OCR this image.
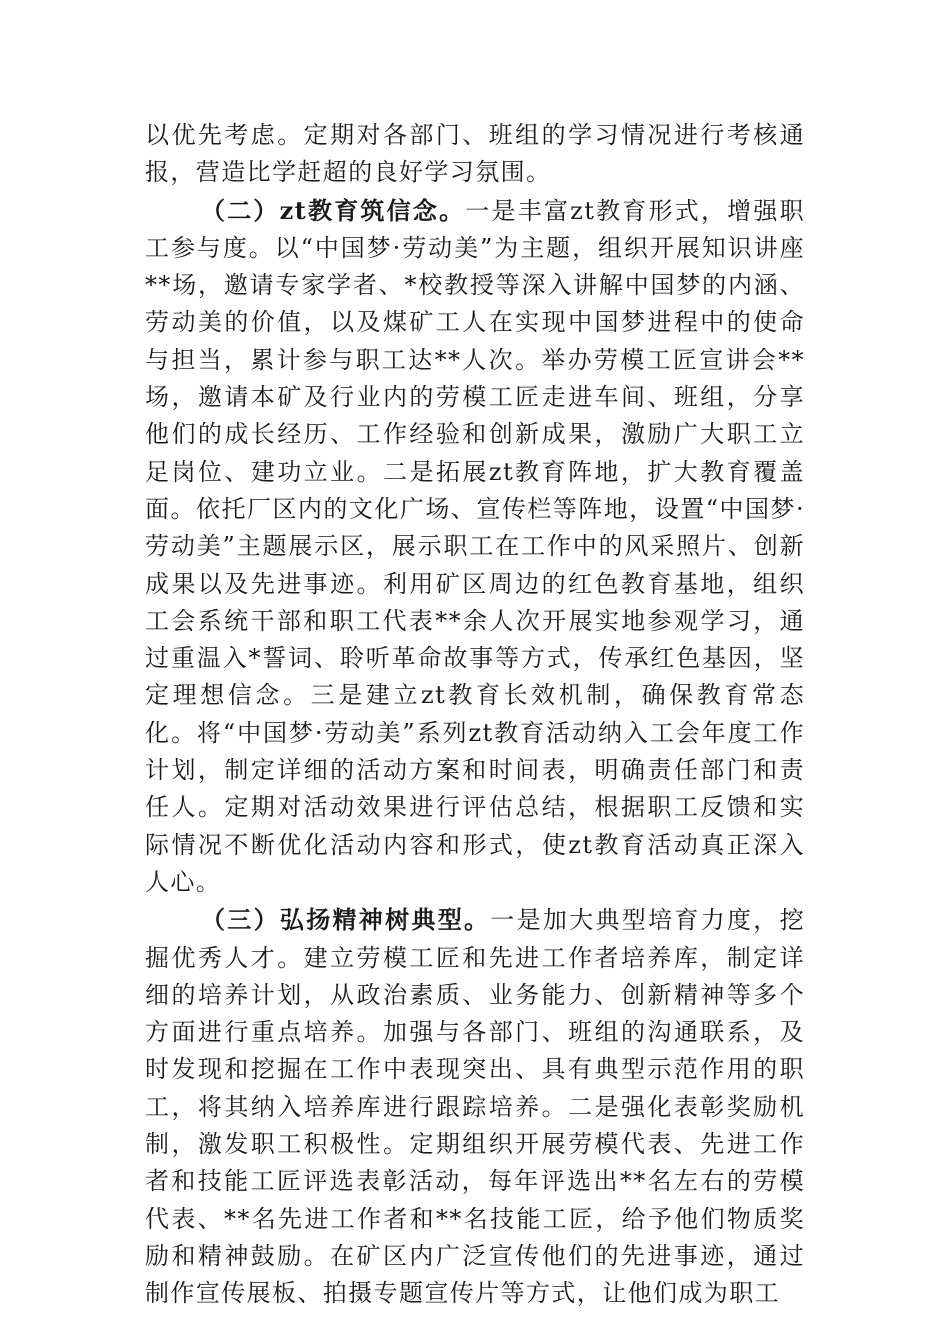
以优先考虑。定期对各部门、班组的学习情况进行考核通报，营造比学赶超的良好学习氛围。

（二）zt教育筑信念。一是丰富zt教育形式，增强职工参与度。以“中国梦·劳动美”为主题，组织开展知识讲座**场，邀请专家学者、*校教授等深入讲解中国梦的内涵、劳动美的价值，以及煤矿工人在实现中国梦进程中的使命与担当，累计参与职工达**人次。举办劳模工匠宣讲会**场，邀请本矿及行业内的劳模工匠走进车间、班组，分享他们的成长经历、工作经验和创新成果，激励广大职工立足岗位、建功立业。二是拓展zt教育阵地，扩大教育覆盖面。依托厂区内的文化广场、宣传栏等阵地，设置“中国梦·劳动美”主题展示区，展示职工在工作中的风采照片、创新成果以及先进事迹。利用矿区周边的红色教育基地，组织工会系统干部和职工代表**余人次开展实地参观学习，通过重温入*誓词、聆听革命故事等方式，传承红色基因，坚定理想信念。三是建立zt教育长效机制，确保教育常态化。将“中国梦·劳动美”系列zt教育活动纳入工会年度工作计划，制定详细的活动方案和时间表，明确责任部门和责任人。定期对活动效果进行评估总结，根据职工反馈和实际情况不断优化活动内容和形式，使zt教育活动真正深入人心。

（三）弘扬精神树典型。一是加大典型培育力度，挖掘优秀人才。建立劳模工匠和先进工作者培养库，制定详细的培养计划，从政治素质、业务能力、创新精神等多个方面进行重点培养。加强与各部门、班组的沟通联系，及时发现和挖掘在工作中表现突出、具有典型示范作用的职工，将其纳入培养库进行跟踪培养。二是强化表彰奖励机制，激发职工积极性。定期组织开展劳模代表、先进工作者和技能工匠评选表彰活动，每年评选出**名左右的劳模代表、**名先进工作者和**名技能工匠，给予他们物质奖励和精神鼓励。在矿区内广泛宣传他们的先进事迹，通过制作宣传展板、拍摄专题宣传片等方式，让他们成为职工
